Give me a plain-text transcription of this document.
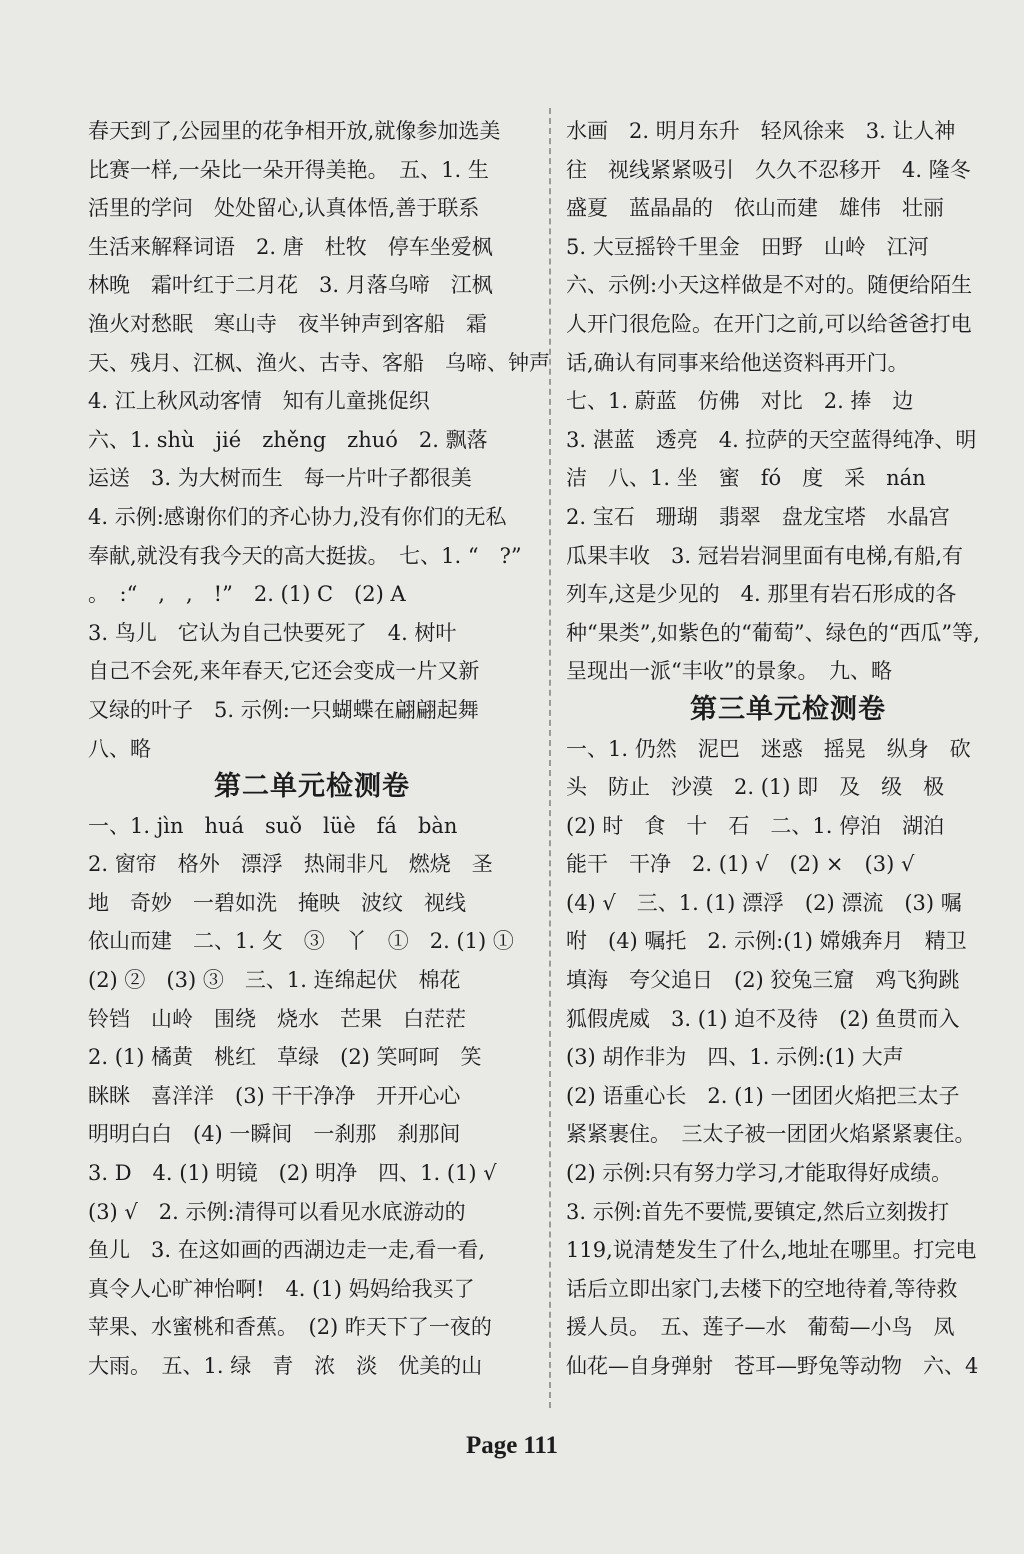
春天到了,公园里的花争相开放,就像参加选美
比赛一样,一朵比一朵开得美艳。　五、1. 生
活里的学问　处处留心,认真体悟,善于联系
生活来解释词语　2. 唐　杜牧　停车坐爱枫
林晚　霜叶红于二月花　3. 月落乌啼　江枫
渔火对愁眠　寒山寺　夜半钟声到客船　霜
天、残月、江枫、渔火、古寺、客船　乌啼、钟声
4. 江上秋风动客情　知有儿童挑促织
六、1. shù　jié　zhěng　zhuó　2. 飘落
运送　3. 为大树而生　每一片叶子都很美
4. 示例:感谢你们的齐心协力,没有你们的无私
奉献,就没有我今天的高大挺拔。　七、1. “　?”
。　:“　,　,　!”　2. (1) C　(2) A
3. 鸟儿　它认为自己快要死了　4. 树叶
自己不会死,来年春天,它还会变成一片又新
又绿的叶子　5. 示例:一只蝴蝶在翩翩起舞
八、略
第二单元检测卷
一、1. jìn　huá　suǒ　lüè　fá　bàn
2. 窗帘　格外　漂浮　热闹非凡　燃烧　圣
地　奇妙　一碧如洗　掩映　波纹　视线
依山而建　二、1. 攵　③　丫　①　2. (1) ①
(2) ②　(3) ③　三、1. 连绵起伏　棉花
铃铛　山岭　围绕　烧水　芒果　白茫茫
2. (1) 橘黄　桃红　草绿　(2) 笑呵呵　笑
眯眯　喜洋洋　(3) 干干净净　开开心心
明明白白　(4) 一瞬间　一刹那　刹那间
3. D　4. (1) 明镜　(2) 明净　四、1. (1) √
(3) √　2. 示例:清得可以看见水底游动的
鱼儿　3. 在这如画的西湖边走一走,看一看,
真令人心旷神怡啊!　4. (1) 妈妈给我买了
苹果、水蜜桃和香蕉。　(2) 昨天下了一夜的
大雨。　五、1. 绿　青　浓　淡　优美的山
水画　2. 明月东升　轻风徐来　3. 让人神
往　视线紧紧吸引　久久不忍移开　4. 隆冬
盛夏　蓝晶晶的　依山而建　雄伟　壮丽
5. 大豆摇铃千里金　田野　山岭　江河
六、示例:小天这样做是不对的。随便给陌生
人开门很危险。在开门之前,可以给爸爸打电
话,确认有同事来给他送资料再开门。
七、1. 蔚蓝　仿佛　对比　2. 捧　边
3. 湛蓝　透亮　4. 拉萨的天空蓝得纯净、明
洁　八、1. 坐　蜜　fó　度　采　nán
2. 宝石　珊瑚　翡翠　盘龙宝塔　水晶宫
瓜果丰收　3. 冠岩岩洞里面有电梯,有船,有
列车,这是少见的　4. 那里有岩石形成的各
种“果类”,如紫色的“葡萄”、绿色的“西瓜”等,
呈现出一派“丰收”的景象。　九、略
第三单元检测卷
一、1. 仍然　泥巴　迷惑　摇晃　纵身　砍
头　防止　沙漠　2. (1) 即　及　级　极
(2) 时　食　十　石　二、1. 停泊　湖泊
能干　干净　2. (1) √　(2) ×　(3) √
(4) √　三、1. (1) 漂浮　(2) 漂流　(3) 嘱
咐　(4) 嘱托　2. 示例:(1) 嫦娥奔月　精卫
填海　夸父追日　(2) 狡兔三窟　鸡飞狗跳
狐假虎威　3. (1) 迫不及待　(2) 鱼贯而入
(3) 胡作非为　四、1. 示例:(1) 大声
(2) 语重心长　2. (1) 一团团火焰把三太子
紧紧裹住。　三太子被一团团火焰紧紧裹住。
(2) 示例:只有努力学习,才能取得好成绩。
3. 示例:首先不要慌,要镇定,然后立刻拨打
119,说清楚发生了什么,地址在哪里。打完电
话后立即出家门,去楼下的空地待着,等待救
援人员。　五、莲子—水　葡萄—小鸟　凤
仙花—自身弹射　苍耳—野兔等动物　六、4
Page 111
